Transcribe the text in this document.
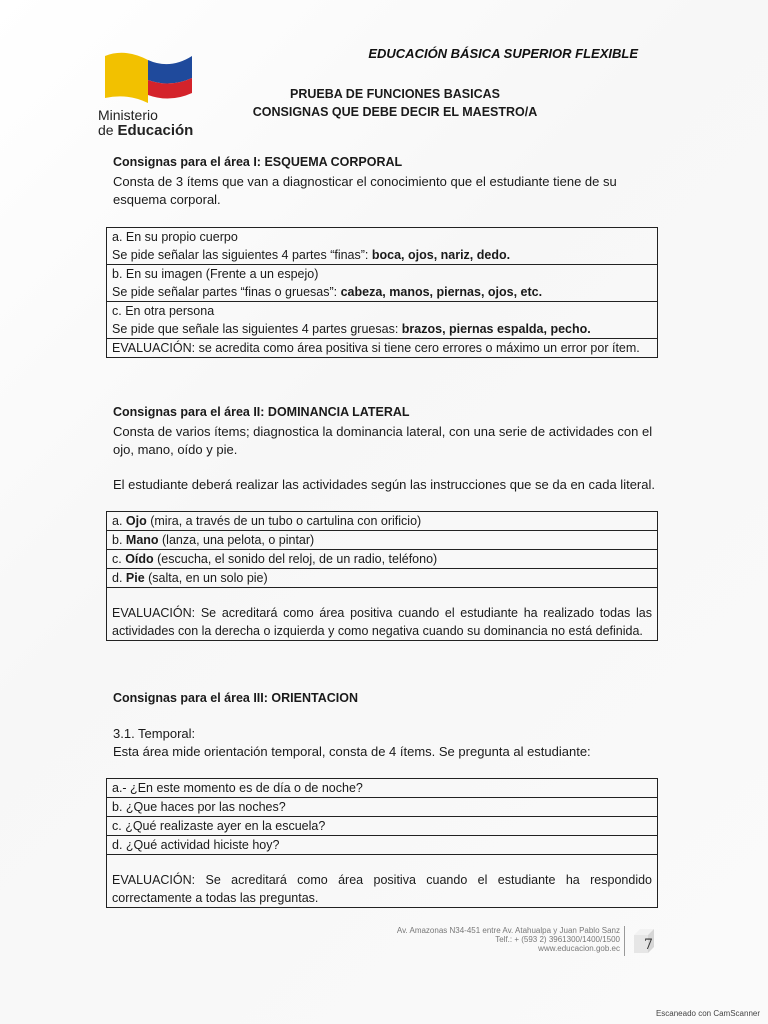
Ministerio
de Educación
EDUCACIÓN BÁSICA SUPERIOR FLEXIBLE
PRUEBA DE FUNCIONES BASICAS
CONSIGNAS QUE DEBE DECIR EL MAESTRO/A
Consignas para el área I: ESQUEMA CORPORAL
Consta de 3 ítems que van a diagnosticar el conocimiento que el estudiante tiene de su esquema corporal.
a. En su propio cuerpo
Se pide señalar las siguientes 4 partes “finas”: boca, ojos, nariz, dedo.

b. En su imagen (Frente a un espejo)
Se pide señalar partes “finas o gruesas”: cabeza, manos, piernas, ojos, etc.

c. En otra persona
Se pide que señale las siguientes 4 partes gruesas: brazos, piernas espalda, pecho.

EVALUACIÓN: se acredita como área positiva si tiene cero errores o máximo un error por ítem.
Consignas para el área II: DOMINANCIA LATERAL
Consta de varios ítems; diagnostica la dominancia lateral, con una serie de actividades con el ojo, mano, oído y pie.
El estudiante deberá realizar las actividades según las instrucciones que se da en cada literal.
a. Ojo (mira, a través de un tubo o cartulina con orificio)
b. Mano (lanza, una pelota, o pintar)
c. Oído (escucha, el sonido del reloj, de un radio, teléfono)
d. Pie (salta, en un solo pie)
EVALUACIÓN: Se acreditará como área positiva cuando el estudiante ha realizado todas las actividades con la derecha o izquierda y como negativa cuando su dominancia no está definida.
Consignas para el área III: ORIENTACION
3.1. Temporal:
Esta área mide orientación temporal, consta de 4 ítems. Se pregunta al estudiante:
a.- ¿En este momento es de día o de noche?
b. ¿Que haces por las noches?
c. ¿Qué realizaste ayer en la escuela?
d. ¿Qué actividad hiciste hoy?
EVALUACIÓN: Se acreditará como área positiva cuando el estudiante ha respondido correctamente a todas las preguntas.
Av. Amazonas N34-451 entre Av. Atahualpa y Juan Pablo Sanz
Telf.: + (593 2) 3961300/1400/1500
www.educacion.gob.ec 7
Escaneado con CamScanner
